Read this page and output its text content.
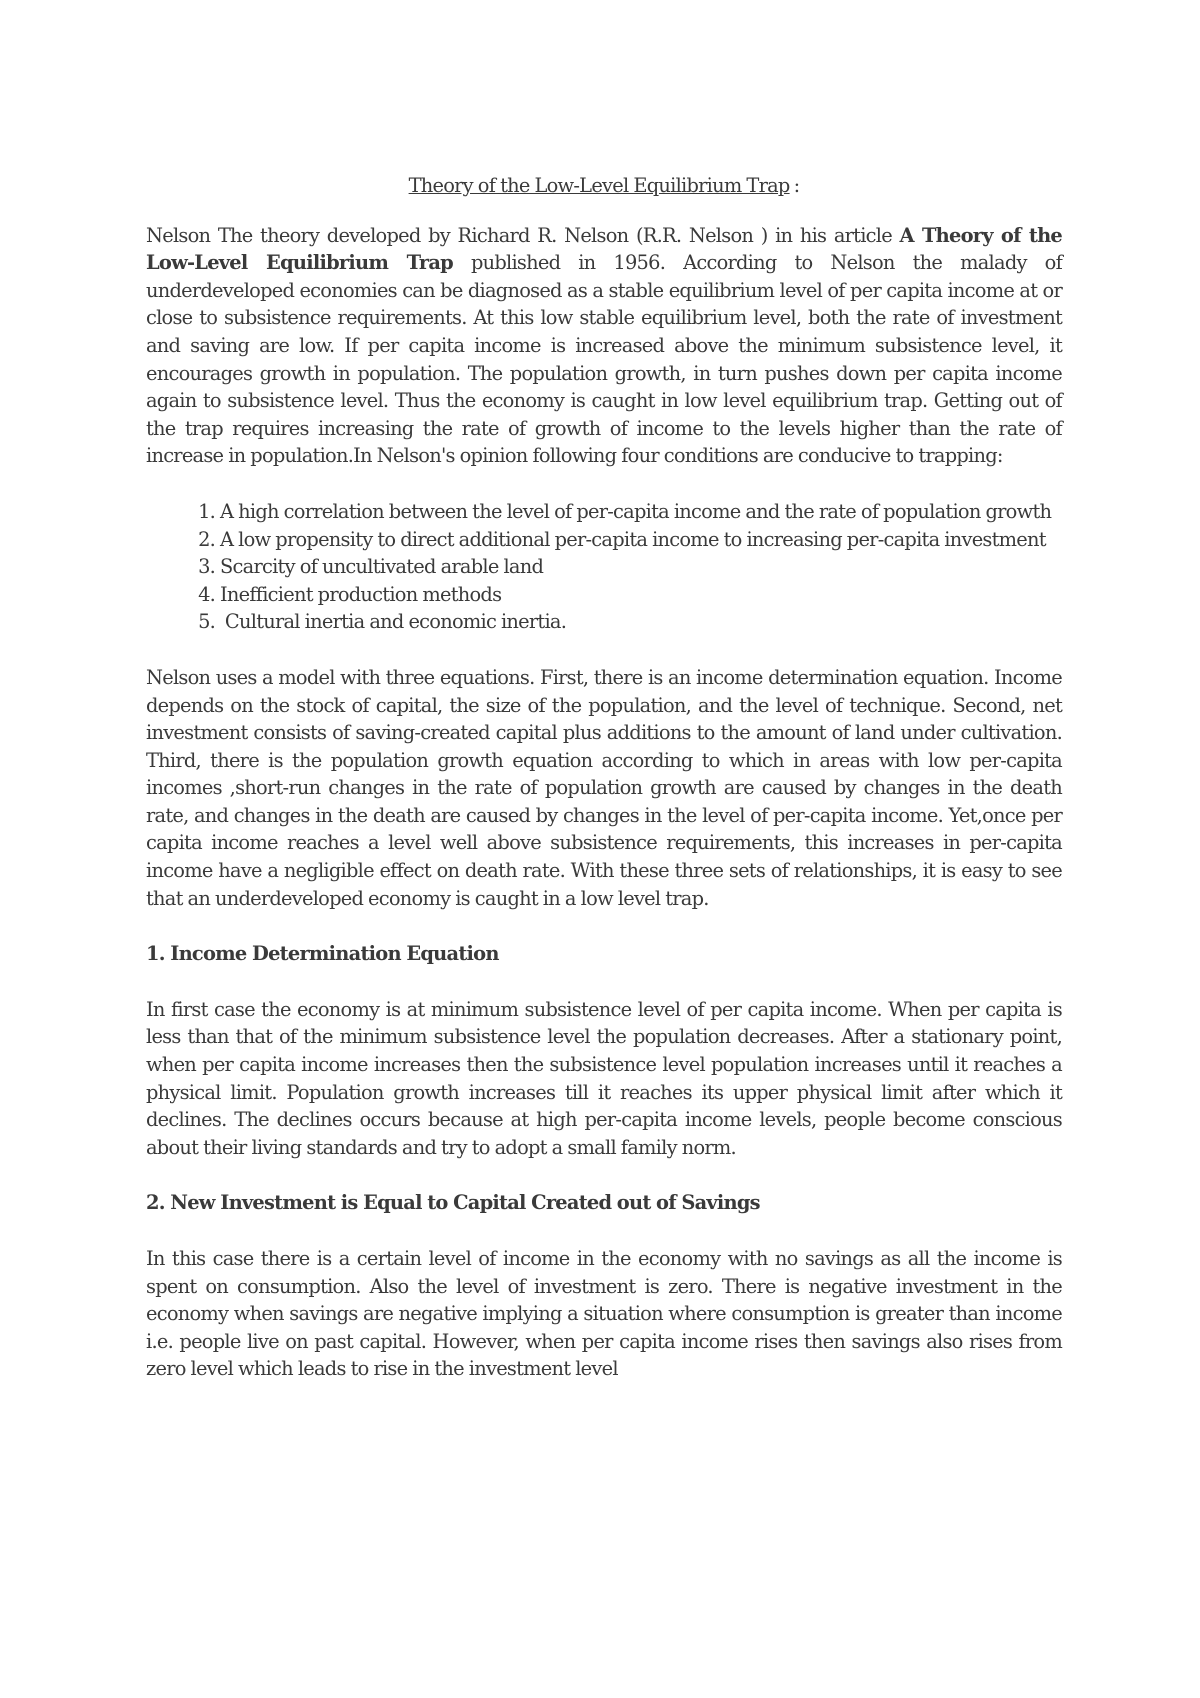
Theory of the Low-Level Equilibrium Trap :

Nelson The theory developed by Richard R. Nelson (R.R. Nelson ) in his article A Theory of the Low-Level Equilibrium Trap published in 1956. According to Nelson the malady of underdeveloped economies can be diagnosed as a stable equilibrium level of per capita income at or close to subsistence requirements. At this low stable equilibrium level, both the rate of investment and saving are low. If per capita income is increased above the minimum subsistence level, it encourages growth in population. The population growth, in turn pushes down per capita income again to subsistence level. Thus the economy is caught in low level equilibrium trap. Getting out of the trap requires increasing the rate of growth of income to the levels higher than the rate of increase in population.In Nelson's opinion following four conditions are conducive to trapping:

1. A high correlation between the level of per-capita income and the rate of population growth
2. A low propensity to direct additional per-capita income to increasing per-capita investment
3. Scarcity of uncultivated arable land
4. Inefficient production methods
5.  Cultural inertia and economic inertia.

Nelson uses a model with three equations. First, there is an income determination equation. Income depends on the stock of capital, the size of the population, and the level of technique. Second, net investment consists of saving-created capital plus additions to the amount of land under cultivation. Third, there is the population growth equation according to which in areas with low per-capita incomes ,short-run changes in the rate of population growth are caused by changes in the death rate, and changes in the death are caused by changes in the level of per-capita income. Yet,once per capita income reaches a level well above subsistence requirements, this increases in per-capita income have a negligible effect on death rate. With these three sets of relationships, it is easy to see that an underdeveloped economy is caught in a low level trap.

1. Income Determination Equation

In first case the economy is at minimum subsistence level of per capita income. When per capita is less than that of the minimum subsistence level the population decreases. After a stationary point, when per capita income increases then the subsistence level population increases until it reaches a physical limit. Population growth increases till it reaches its upper physical limit after which it declines. The declines occurs because at high per-capita income levels, people become conscious about their living standards and try to adopt a small family norm.

2. New Investment is Equal to Capital Created out of Savings

In this case there is a certain level of income in the economy with no savings as all the income is spent on consumption. Also the level of investment is zero. There is negative investment in the economy when savings are negative implying a situation where consumption is greater than income i.e. people live on past capital. However, when per capita income rises then savings also rises from zero level which leads to rise in the investment level
